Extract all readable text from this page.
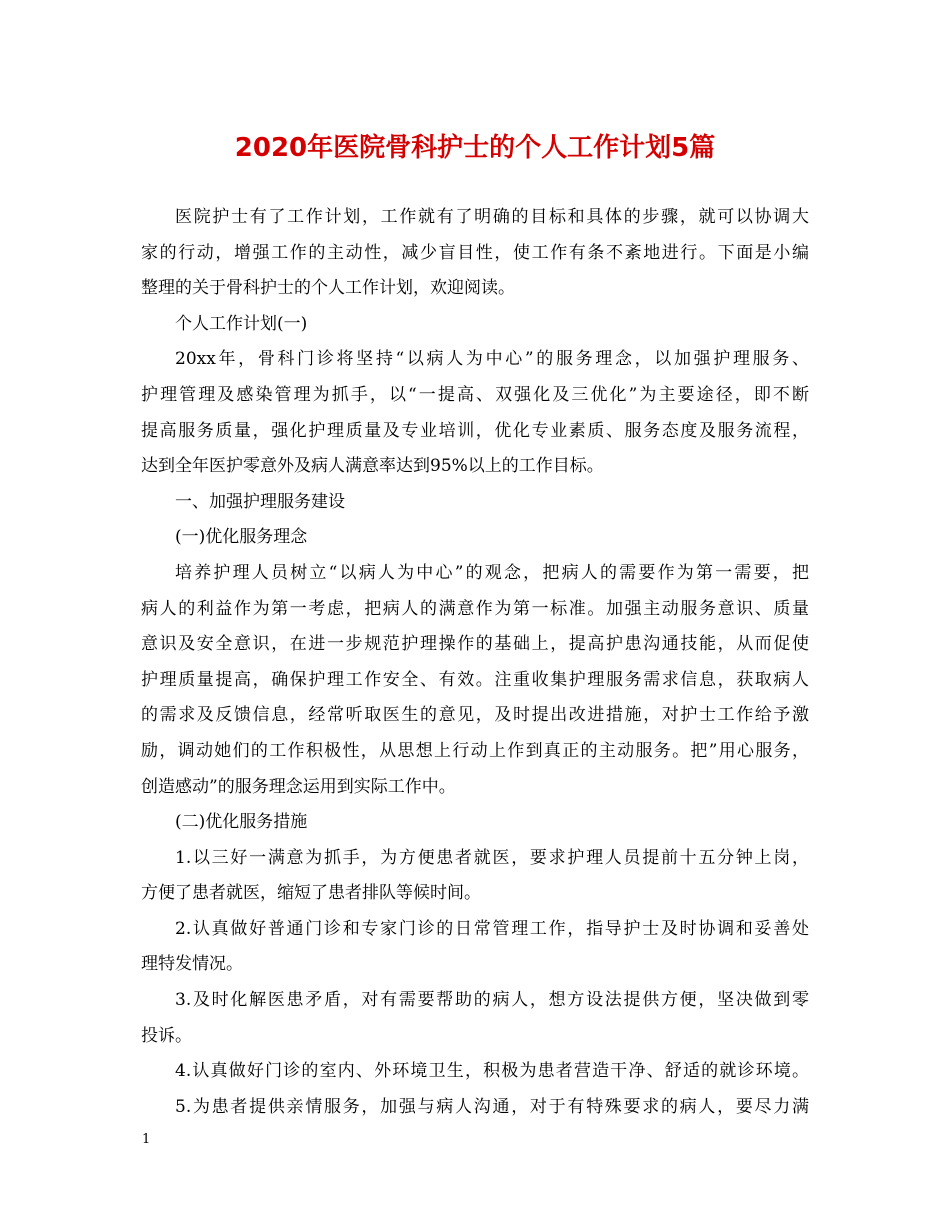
2020年医院骨科护士的个人工作计划5篇
医院护士有了工作计划，工作就有了明确的目标和具体的步骤，就可以协调大
家的行动，增强工作的主动性，减少盲目性，使工作有条不紊地进行。下面是小编
整理的关于骨科护士的个人工作计划，欢迎阅读。
个人工作计划(一)
20xx年，骨科门诊将坚持“以病人为中心”的服务理念，以加强护理服务、
护理管理及感染管理为抓手，以“一提高、双强化及三优化”为主要途径，即不断
提高服务质量，强化护理质量及专业培训，优化专业素质、服务态度及服务流程，
达到全年医护零意外及病人满意率达到95%以上的工作目标。
一、加强护理服务建设
(一)优化服务理念
培养护理人员树立“以病人为中心”的观念，把病人的需要作为第一需要，把
病人的利益作为第一考虑，把病人的满意作为第一标准。加强主动服务意识、质量
意识及安全意识，在进一步规范护理操作的基础上，提高护患沟通技能，从而促使
护理质量提高，确保护理工作安全、有效。注重收集护理服务需求信息，获取病人
的需求及反馈信息，经常听取医生的意见，及时提出改进措施，对护士工作给予激
励，调动她们的工作积极性，从思想上行动上作到真正的主动服务。把”用心服务，
创造感动”的服务理念运用到实际工作中。
(二)优化服务措施
1.以三好一满意为抓手，为方便患者就医，要求护理人员提前十五分钟上岗，
方便了患者就医，缩短了患者排队等候时间。
2.认真做好普通门诊和专家门诊的日常管理工作，指导护士及时协调和妥善处
理特发情况。
3.及时化解医患矛盾，对有需要帮助的病人，想方设法提供方便，坚决做到零
投诉。
4.认真做好门诊的室内、外环境卫生，积极为患者营造干净、舒适的就诊环境。
5.为患者提供亲情服务，加强与病人沟通，对于有特殊要求的病人，要尽力满
1
